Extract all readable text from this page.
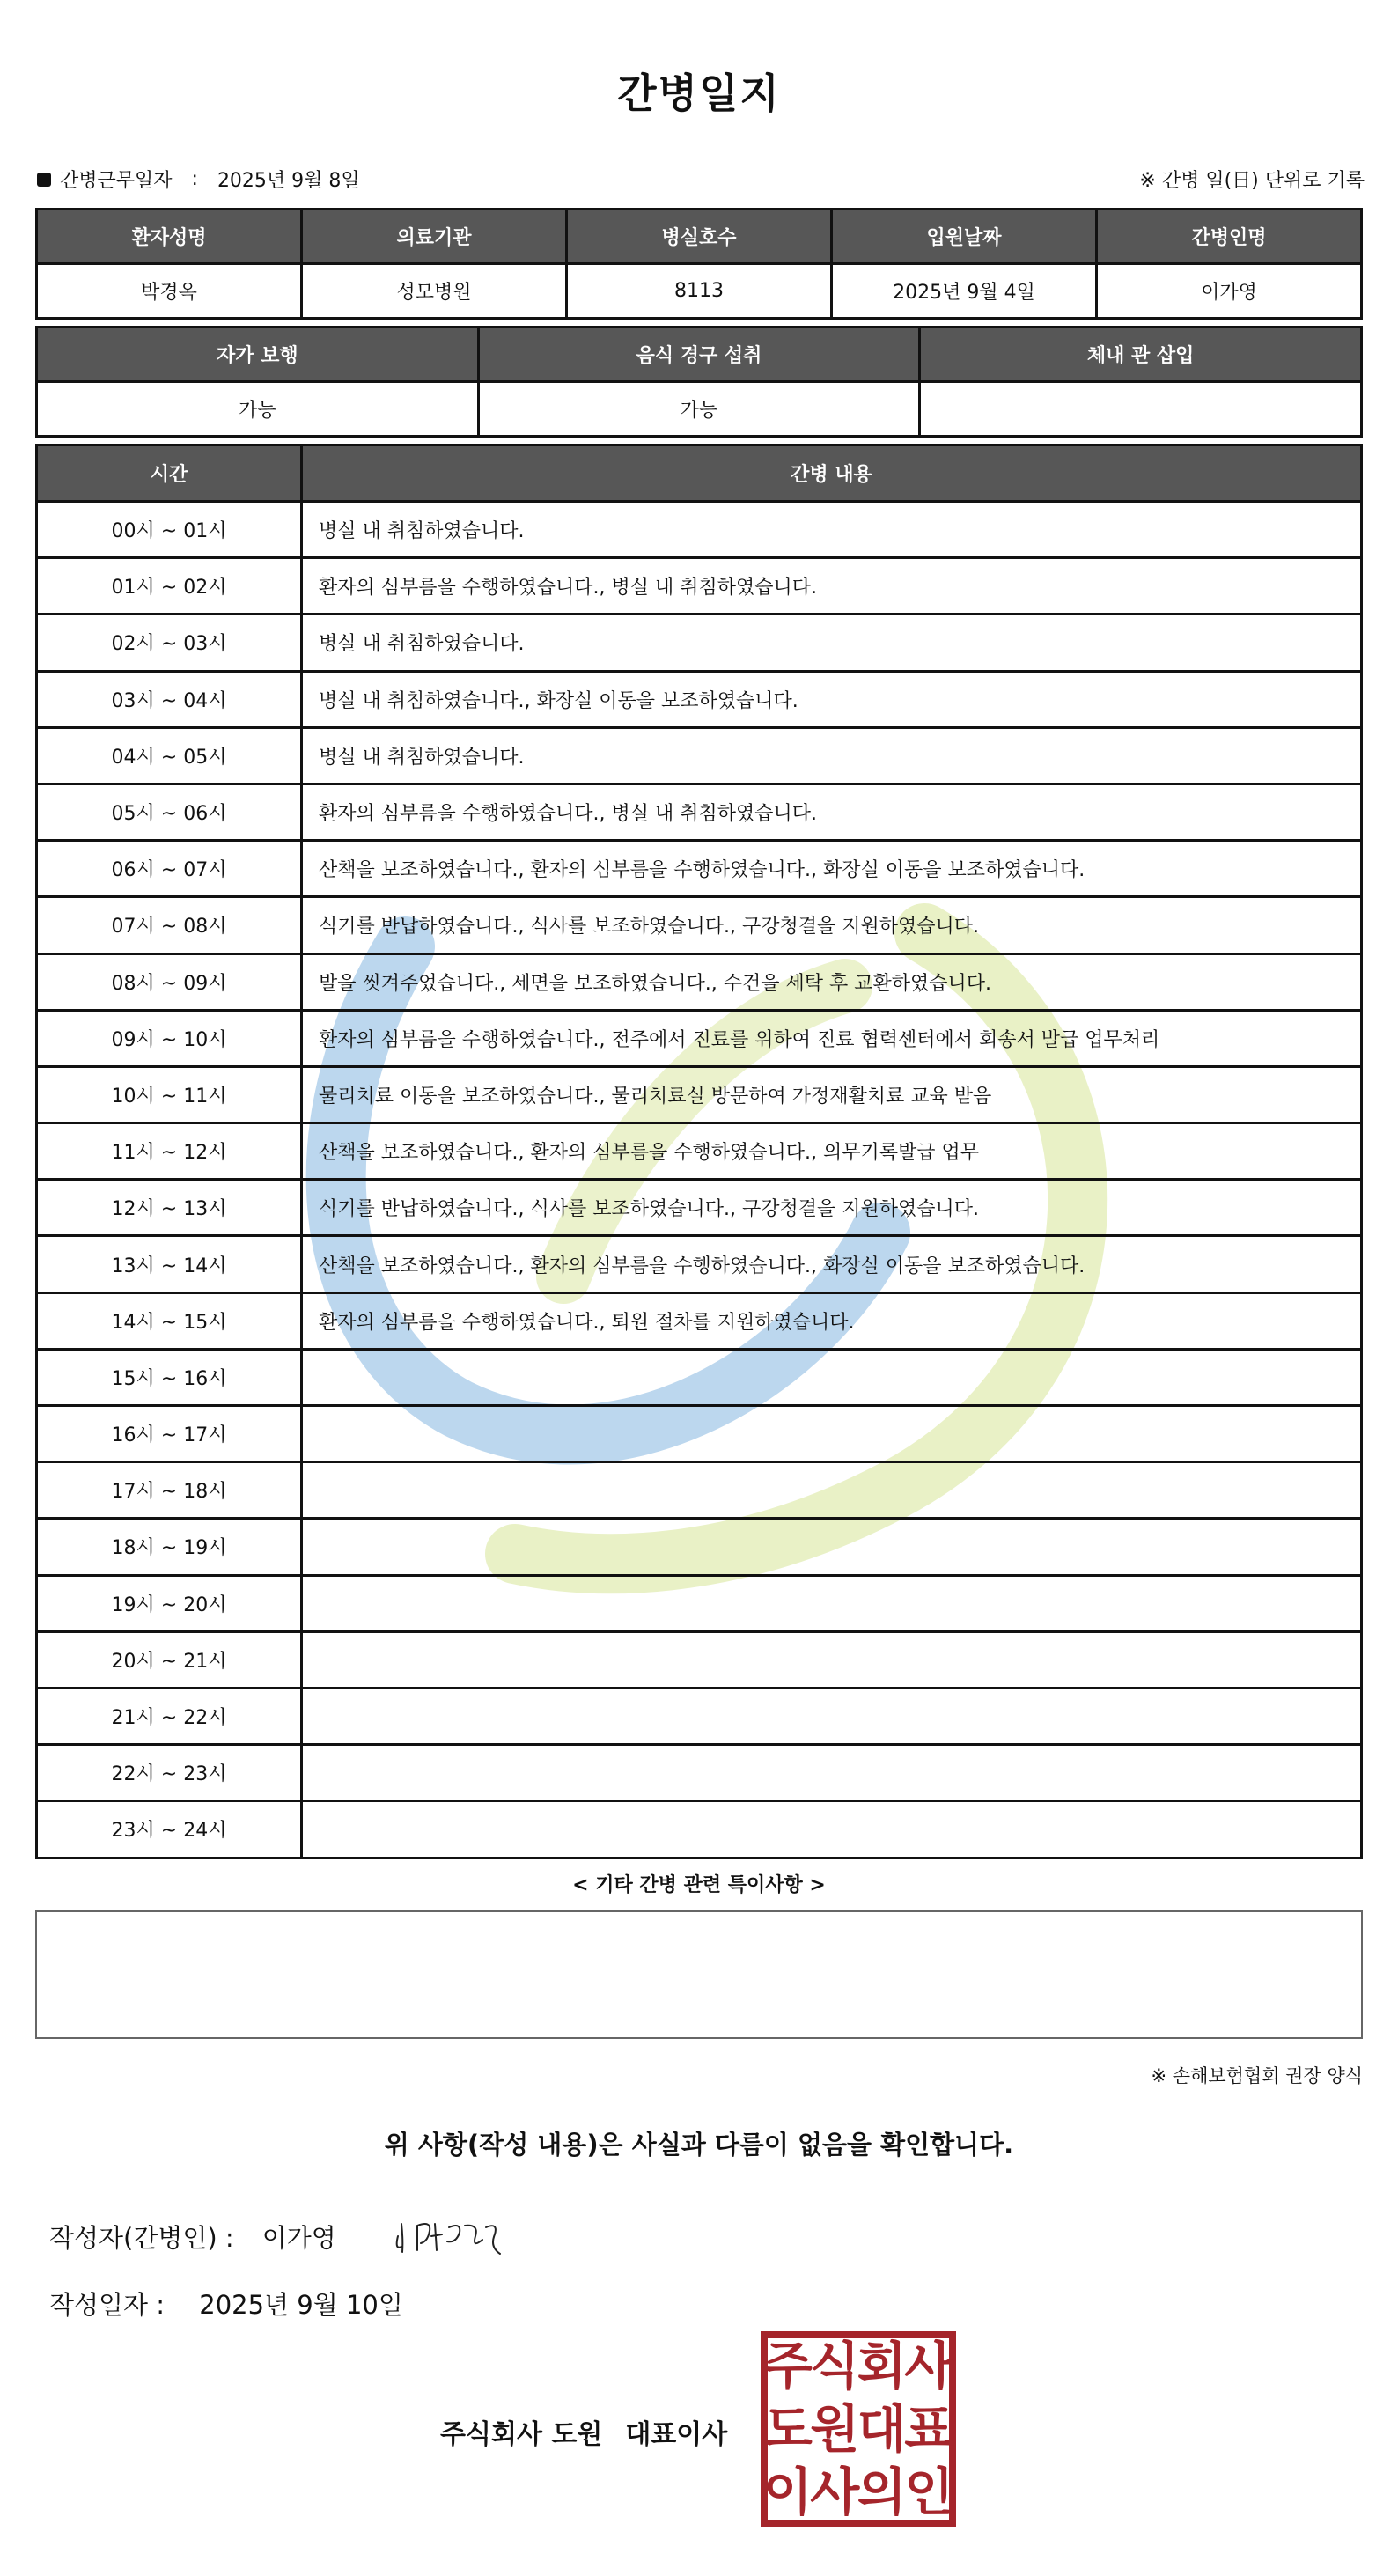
간병일지
간병근무일자 : 2025년 9월 8일	※ 간병 일(日) 단위로 기록
환자성명	의료기관	병실호수	입원날짜	간병인명
박경옥	성모병원	8113	2025년 9월 4일	이가영
자가 보행	음식 경구 섭취	체내 관 삽입
가능	가능	
시간	간병 내용
00시 ~ 01시	병실 내 취침하였습니다.
01시 ~ 02시	환자의 심부름을 수행하였습니다., 병실 내 취침하였습니다.
02시 ~ 03시	병실 내 취침하였습니다.
03시 ~ 04시	병실 내 취침하였습니다., 화장실 이동을 보조하였습니다.
04시 ~ 05시	병실 내 취침하였습니다.
05시 ~ 06시	환자의 심부름을 수행하였습니다., 병실 내 취침하였습니다.
06시 ~ 07시	산책을 보조하였습니다., 환자의 심부름을 수행하였습니다., 화장실 이동을 보조하였습니다.
07시 ~ 08시	식기를 반납하였습니다., 식사를 보조하였습니다., 구강청결을 지원하였습니다.
08시 ~ 09시	발을 씻겨주었습니다., 세면을 보조하였습니다., 수건을 세탁 후 교환하였습니다.
09시 ~ 10시	환자의 심부름을 수행하였습니다., 전주에서 진료를 위하여 진료 협력센터에서 회송서 발급 업무처리
10시 ~ 11시	물리치료 이동을 보조하였습니다., 물리치료실 방문하여 가정재활치료 교육 받음
11시 ~ 12시	산책을 보조하였습니다., 환자의 심부름을 수행하였습니다., 의무기록발급 업무
12시 ~ 13시	식기를 반납하였습니다., 식사를 보조하였습니다., 구강청결을 지원하였습니다.
13시 ~ 14시	산책을 보조하였습니다., 환자의 심부름을 수행하였습니다., 화장실 이동을 보조하였습니다.
14시 ~ 15시	환자의 심부름을 수행하였습니다., 퇴원 절차를 지원하였습니다.
15시 ~ 16시	
16시 ~ 17시	
17시 ~ 18시	
18시 ~ 19시	
19시 ~ 20시	
20시 ~ 21시	
21시 ~ 22시	
22시 ~ 23시	
23시 ~ 24시	
< 기타 간병 관련 특이사항 >
※ 손해보험협회 권장 양식
위 사항(작성 내용)은 사실과 다름이 없음을 확인합니다.
작성자(간병인) : 이가영
작성일자 : 2025년 9월 10일
주식회사 도원 대표이사
주
식
회
사
도
원
대
표
이
사
의
인
